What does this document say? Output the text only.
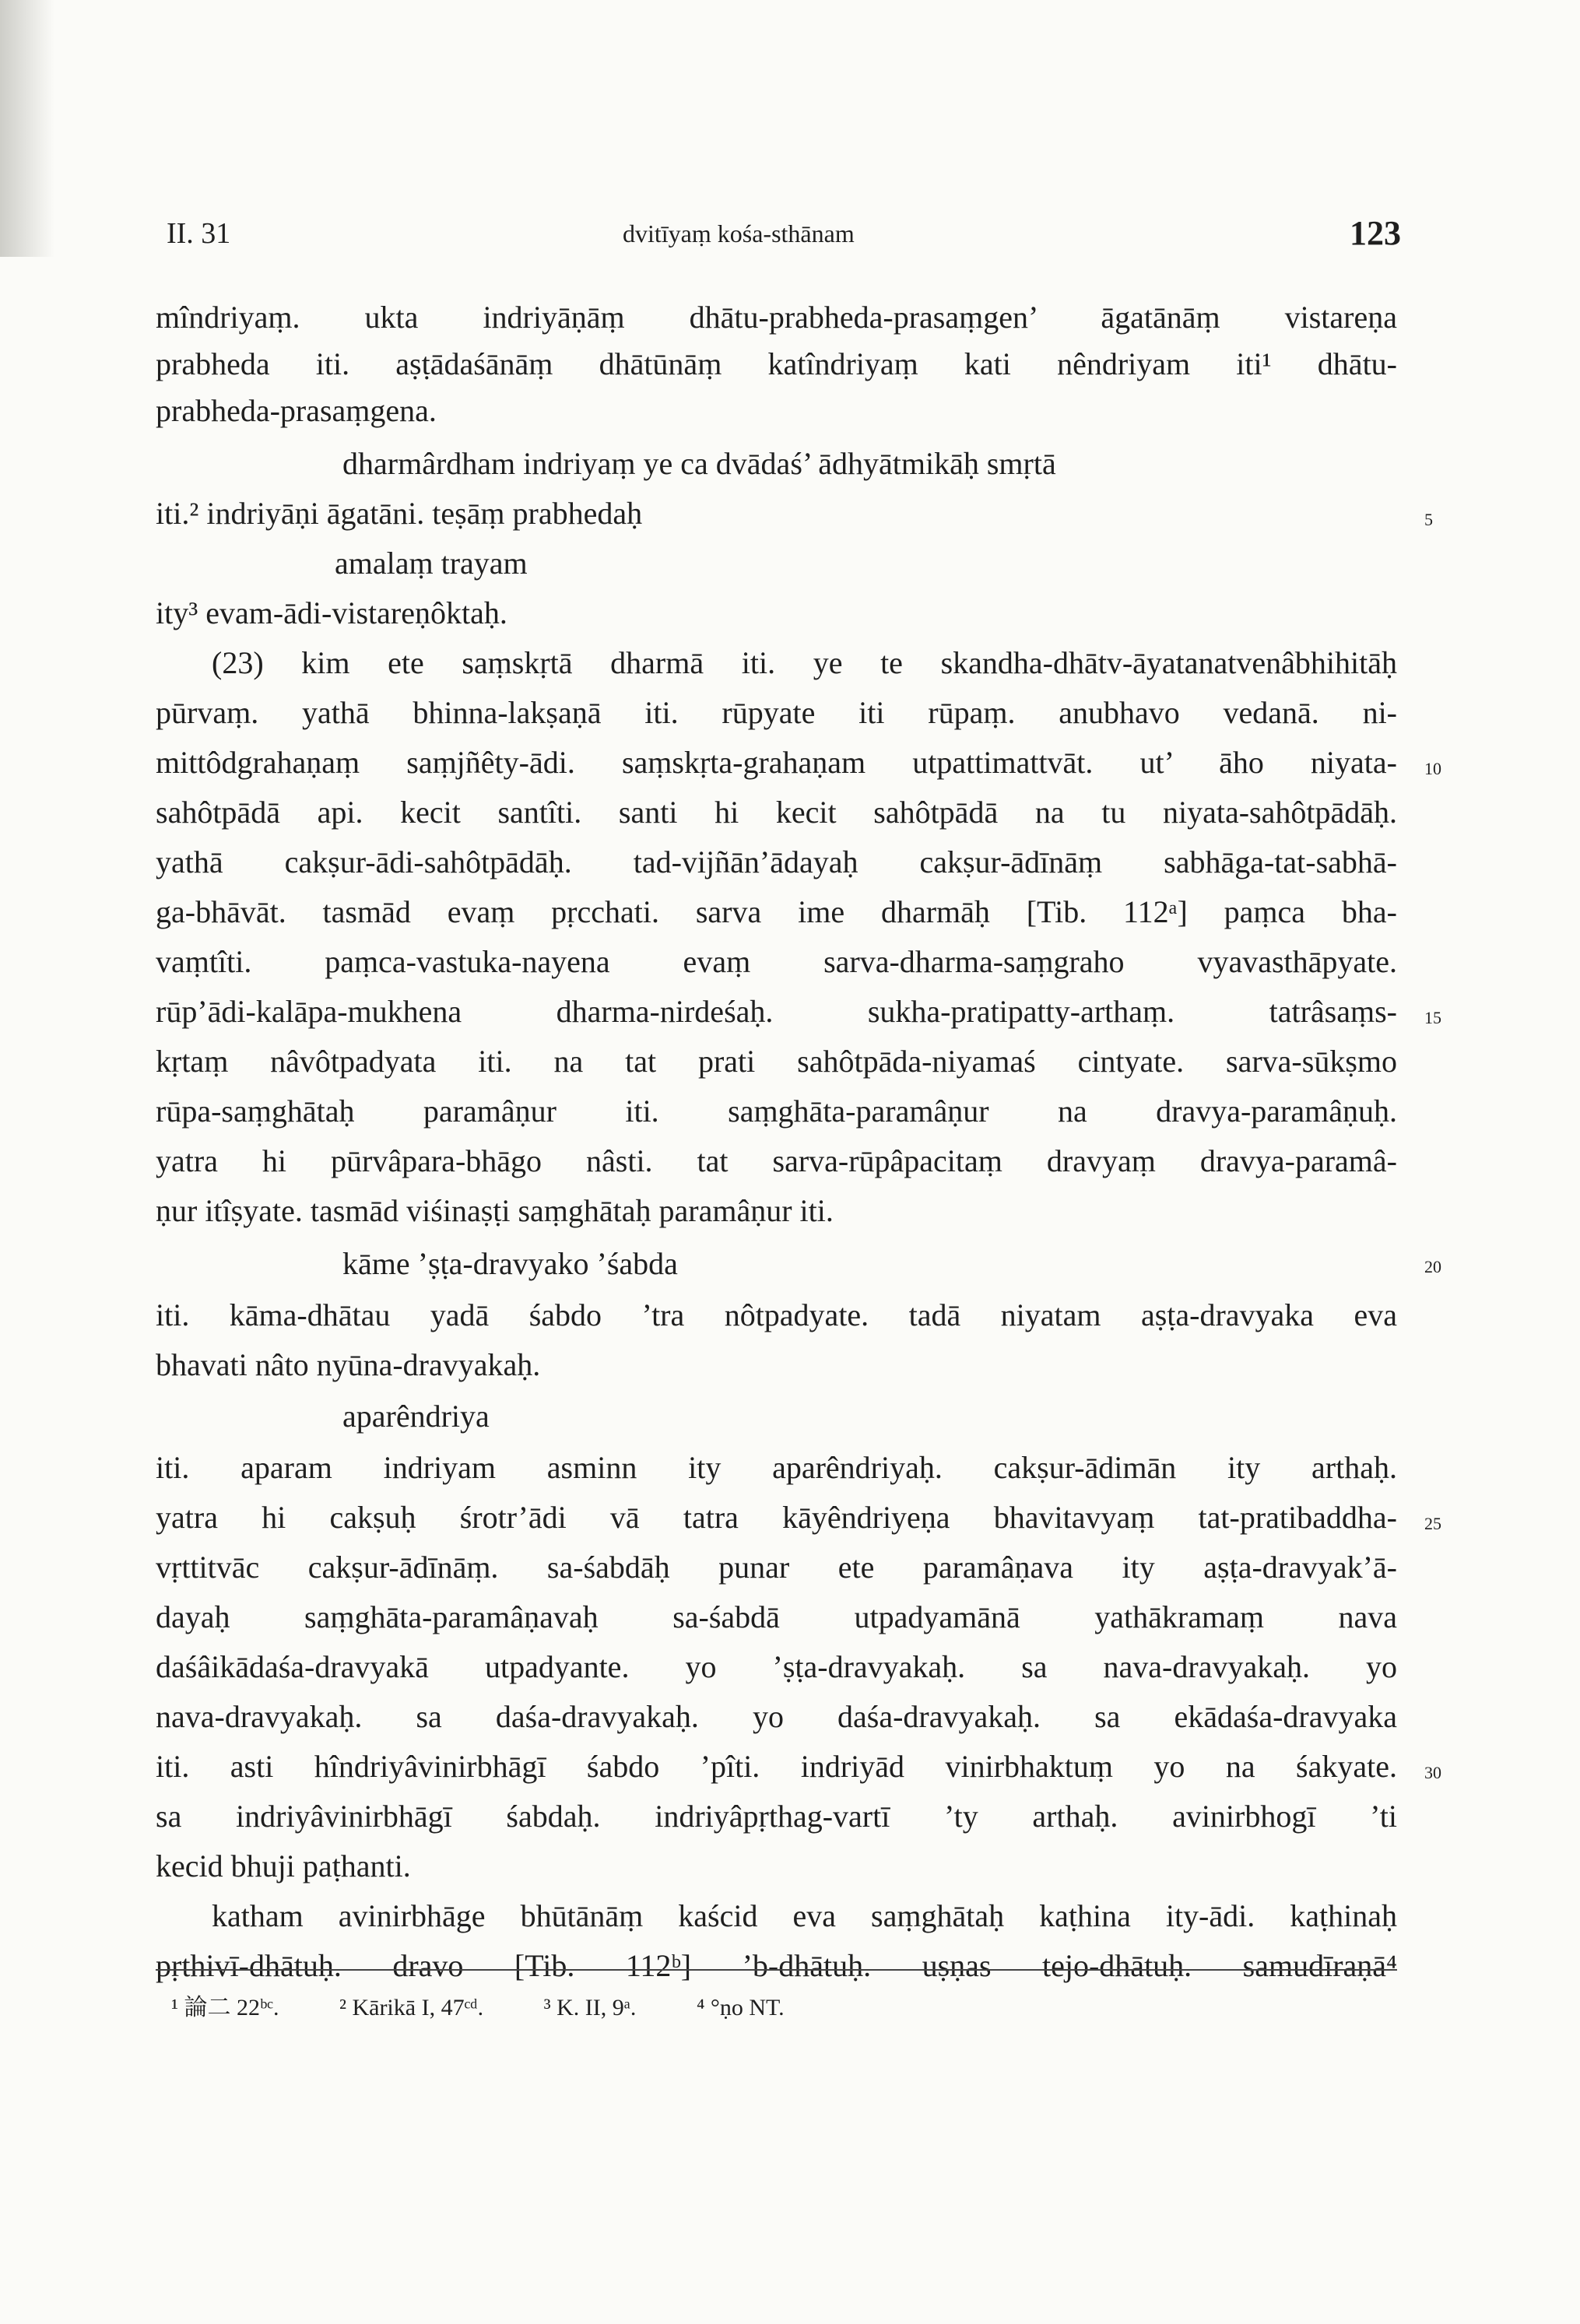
II. 31	dvitīyaṃ kośa-sthānam	123
mîndriyaṃ. ukta indriyāṇāṃ dhātu-prabheda-prasaṃgen’ āgatānāṃ vistareṇa
prabheda iti. aṣṭādaśānāṃ dhātūnāṃ katîndriyaṃ kati nêndriyam iti¹ dhātu-
prabheda-prasaṃgena.
dharmârdham indriyaṃ ye ca dvādaś’ ādhyātmikāḥ smṛtā
iti.² indriyāṇi āgatāni. teṣāṃ prabhedaḥ
amalaṃ trayam
ity³ evam-ādi-vistareṇôktaḥ.
(23) kim ete saṃskṛtā dharmā iti. ye te skandha-dhātv-āyatanatvenâbhihitāḥ
pūrvaṃ. yathā bhinna-lakṣaṇā iti. rūpyate iti rūpaṃ. anubhavo vedanā. ni-
mittôdgrahaṇaṃ saṃjñêty-ādi. saṃskṛta-grahaṇam utpattimattvāt. ut’ āho niyata-
sahôtpādā api. kecit santîti. santi hi kecit sahôtpādā na tu niyata-sahôtpādāḥ.
yathā cakṣur-ādi-sahôtpādāḥ. tad-vijñān’ādayaḥ cakṣur-ādīnāṃ sabhāga-tat-sabhā-
ga-bhāvāt. tasmād evaṃ pṛcchati. sarva ime dharmāḥ [Tib. 112ᵃ] paṃca bha-
vaṃtîti. paṃca-vastuka-nayena evaṃ sarva-dharma-saṃgraho vyavasthāpyate.
rūp’ādi-kalāpa-mukhena dharma-nirdeśaḥ. sukha-pratipatty-arthaṃ. tatrâsaṃs-
kṛtaṃ nâvôtpadyata iti. na tat prati sahôtpāda-niyamaś cintyate. sarva-sūkṣmo
rūpa-saṃghātaḥ paramâṇur iti. saṃghāta-paramâṇur na dravya-paramâṇuḥ.
yatra hi pūrvâpara-bhāgo nâsti. tat sarva-rūpâpacitaṃ dravyaṃ dravya-paramâ-
ṇur itîṣyate. tasmād viśinaṣṭi saṃghātaḥ paramâṇur iti.
kāme ’ṣṭa-dravyako ’śabda
iti. kāma-dhātau yadā śabdo ’tra nôtpadyate. tadā niyatam aṣṭa-dravyaka eva
bhavati nâto nyūna-dravyakaḥ.
aparêndriya
iti. aparam indriyam asminn ity aparêndriyaḥ. cakṣur-ādimān ity arthaḥ.
yatra hi cakṣuḥ śrotr’ādi vā tatra kāyêndriyeṇa bhavitavyaṃ tat-pratibaddha-
vṛttitvāc cakṣur-ādīnāṃ. sa-śabdāḥ punar ete paramâṇava ity aṣṭa-dravyak’ā-
dayaḥ saṃghāta-paramâṇavaḥ sa-śabdā utpadyamānā yathākramaṃ nava
daśâikādaśa-dravyakā utpadyante. yo ’ṣṭa-dravyakaḥ. sa nava-dravyakaḥ. yo
nava-dravyakaḥ. sa daśa-dravyakaḥ. yo daśa-dravyakaḥ. sa ekādaśa-dravyaka
iti. asti hîndriyâvinirbhāgī śabdo ’pîti. indriyād vinirbhaktuṃ yo na śakyate.
sa indriyâvinirbhāgī śabdaḥ. indriyâpṛthag-vartī ’ty arthaḥ. avinirbhogī ’ti
kecid bhuji paṭhanti.
katham avinirbhāge bhūtānāṃ kaścid eva saṃghātaḥ kaṭhina ity-ādi. kaṭhinaḥ
pṛthivī-dhātuḥ. dravo [Tib. 112ᵇ] ’b-dhātuḥ. uṣṇas tejo-dhātuḥ. samudīraṇā⁴
5
10
15
20
25
30
¹ 論二 22ᵇᶜ.	² Kārikā I, 47ᶜᵈ.	³ K. II, 9ᵃ.	⁴ °ṇo NT.
